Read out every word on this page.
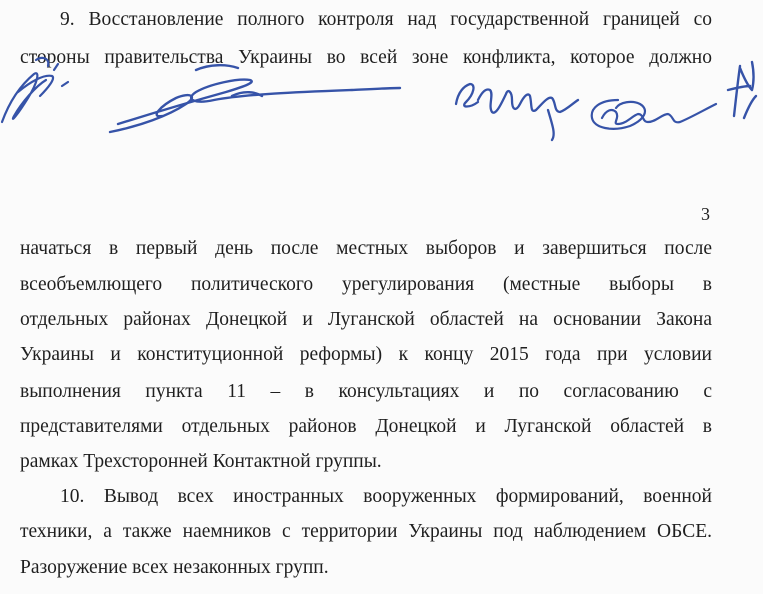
9. Восстановление полного контроля над государственной границей со
стороны правительства Украины во всей зоне конфликта, которое должно
3
начаться в первый день после местных выборов и завершиться после
всеобъемлющего политического урегулирования (местные выборы в
отдельных районах Донецкой и Луганской областей на основании Закона
Украины и конституционной реформы) к концу 2015 года при условии
выполнения пункта 11 – в консультациях и по согласованию с
представителями отдельных районов Донецкой и Луганской областей в
рамках Трехсторонней Контактной группы.
10. Вывод всех иностранных вооруженных формирований, военной
техники, а также наемников с территории Украины под наблюдением ОБСЕ.
Разоружение всех незаконных групп.
